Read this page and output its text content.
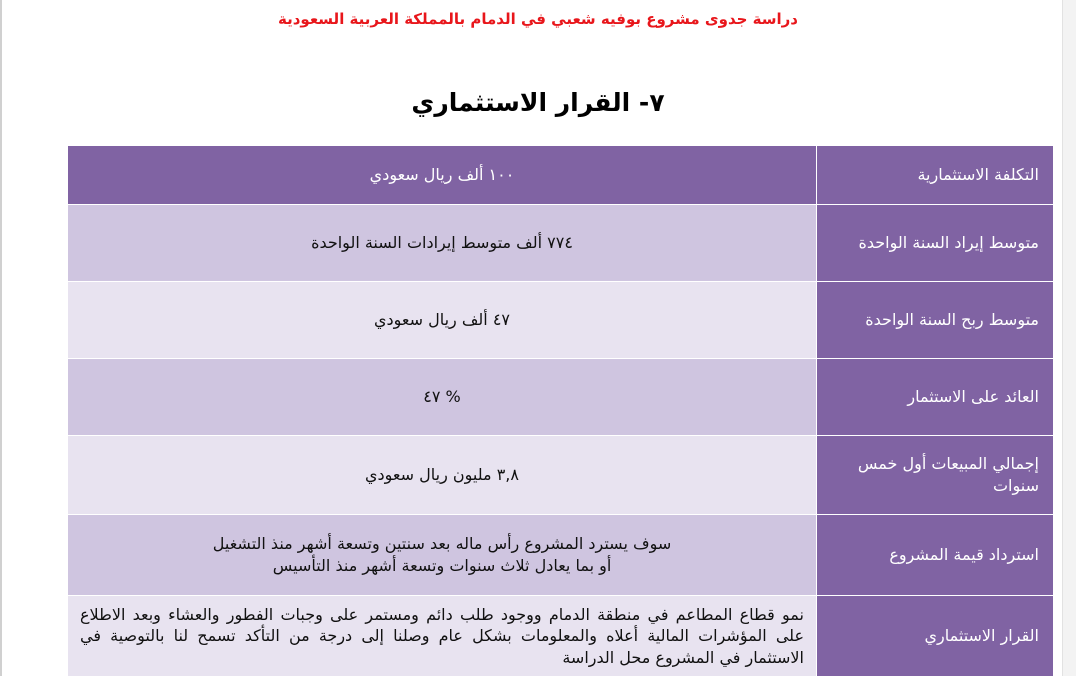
دراسة جدوى مشروع بوفيه شعبي في الدمام بالمملكة العربية السعودية
٧- القرار الاستثماري
التكلفة الاستثمارية	١٠٠ ألف ريال سعودي
متوسط إيراد السنة الواحدة	٧٧٤ ألف متوسط إيرادات السنة الواحدة
متوسط ربح السنة الواحدة	٤٧ ألف ريال سعودي
العائد على الاستثمار	٤٧ %
إجمالي المبيعات أول خمس سنوات	٣,٨ مليون ريال سعودي
استرداد قيمة المشروع	سوف يسترد المشروع رأس ماله بعد سنتين وتسعة أشهر منذ التشغيل
أو بما يعادل ثلاث سنوات وتسعة أشهر منذ التأسيس

القرار الاستثماري	نمو قطاع المطاعم في منطقة الدمام ووجود طلب دائم ومستمر على وجبات الفطور والعشاء وبعد الاطلاع على المؤشرات المالية أعلاه والمعلومات بشكل عام وصلنا إلى درجة من التأكد تسمح لنا بالتوصية في الاستثمار في المشروع محل الدراسة
